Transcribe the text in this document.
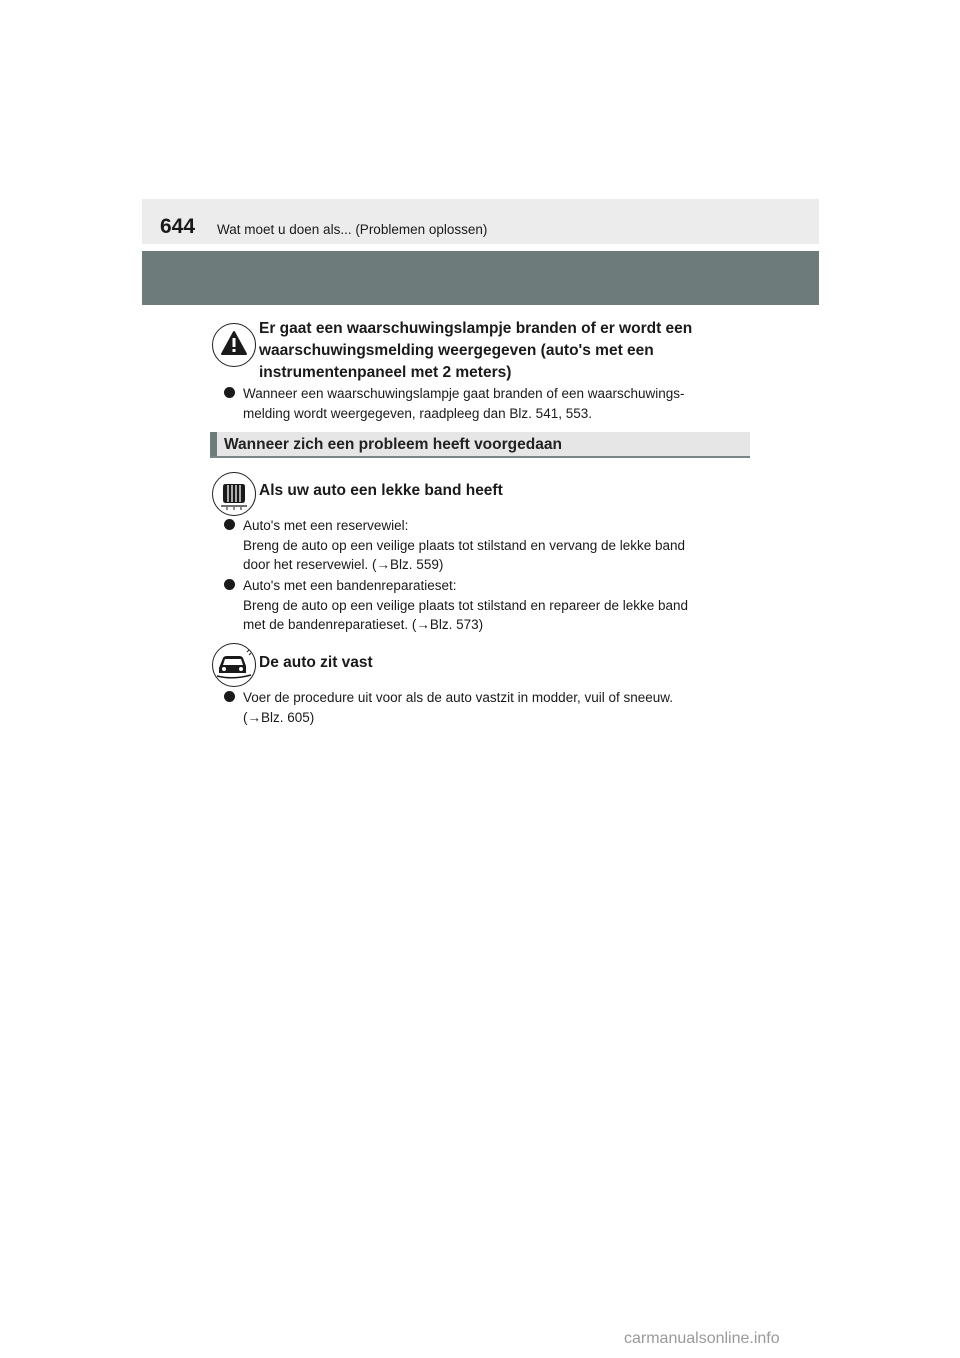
644 Wat moet u doen als... (Problemen oplossen)
Er gaat een waarschuwingslampje branden of er wordt een
waarschuwingsmelding weergegeven (auto's met een
instrumentenpaneel met 2 meters)
Wanneer een waarschuwingslampje gaat branden of een waarschuwings-
melding wordt weergegeven, raadpleeg dan Blz. 541, 553.
Wanneer zich een probleem heeft voorgedaan
Als uw auto een lekke band heeft
Auto's met een reservewiel:
Breng de auto op een veilige plaats tot stilstand en vervang de lekke band
door het reservewiel. (→Blz. 559)
Auto's met een bandenreparatieset:
Breng de auto op een veilige plaats tot stilstand en repareer de lekke band
met de bandenreparatieset. (→Blz. 573)
De auto zit vast
Voer de procedure uit voor als de auto vastzit in modder, vuil of sneeuw.
(→Blz. 605)
carmanualsonline.info
